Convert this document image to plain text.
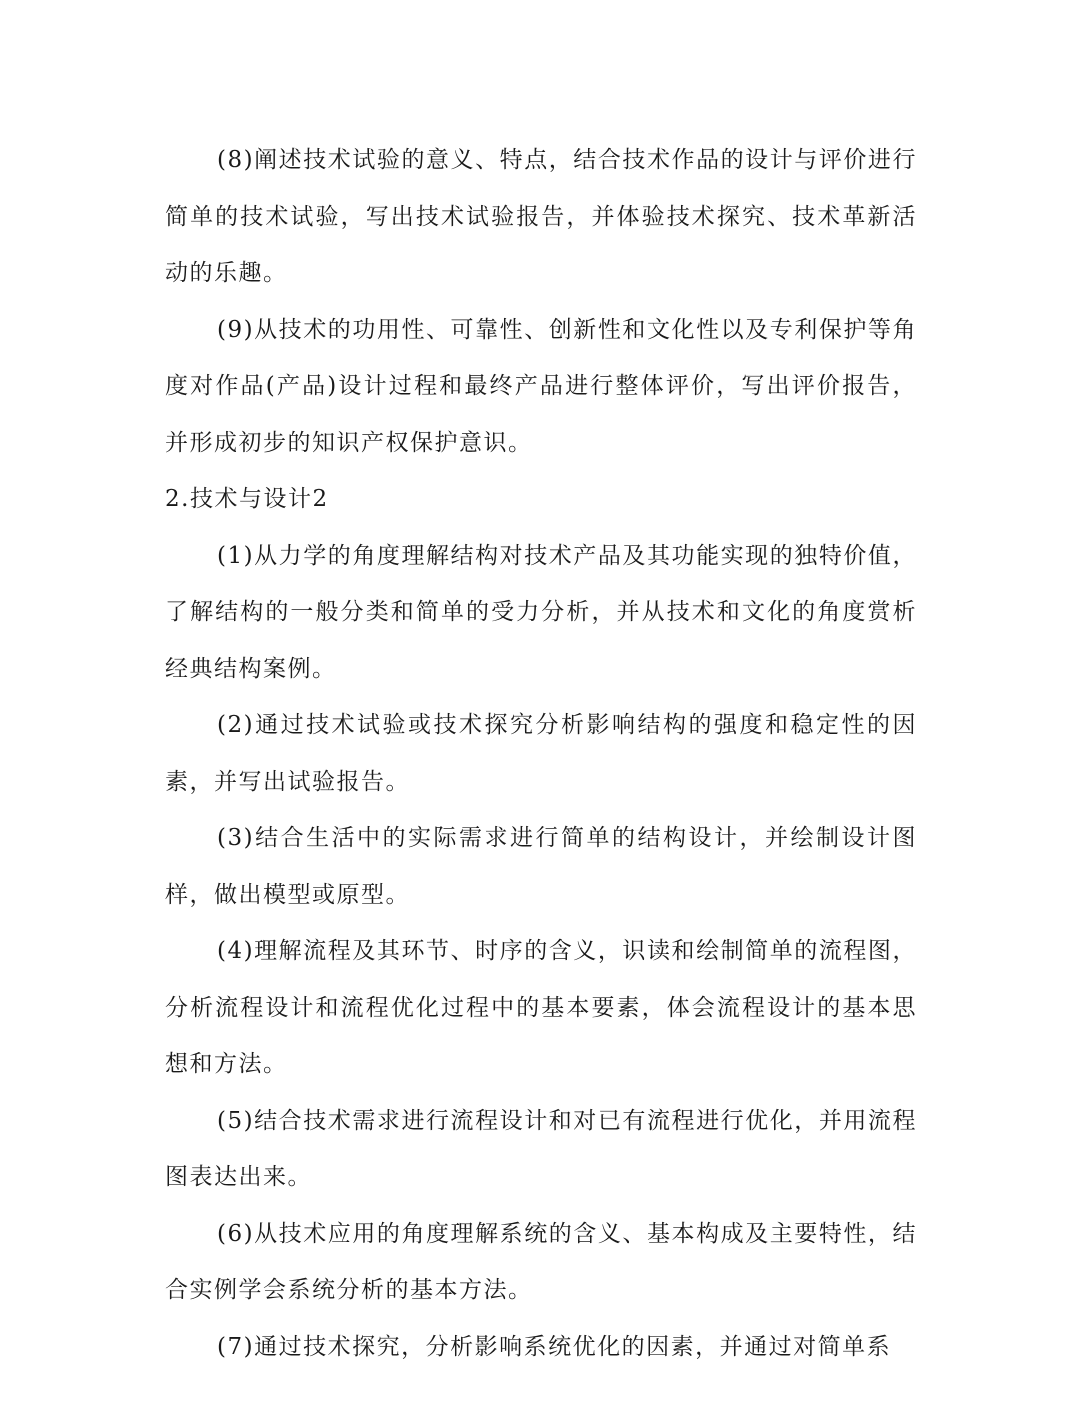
(8)阐述技术试验的意义、特点，结合技术作品的设计与评价进行简单的技术试验，写出技术试验报告，并体验技术探究、技术革新活动的乐趣。

(9)从技术的功用性、可靠性、创新性和文化性以及专利保护等角度对作品(产品)设计过程和最终产品进行整体评价，写出评价报告，并形成初步的知识产权保护意识。

2.技术与设计2

(1)从力学的角度理解结构对技术产品及其功能实现的独特价值，了解结构的一般分类和简单的受力分析，并从技术和文化的角度赏析经典结构案例。

(2)通过技术试验或技术探究分析影响结构的强度和稳定性的因素，并写出试验报告。

(3)结合生活中的实际需求进行简单的结构设计，并绘制设计图样，做出模型或原型。

(4)理解流程及其环节、时序的含义，识读和绘制简单的流程图，分析流程设计和流程优化过程中的基本要素，体会流程设计的基本思想和方法。

(5)结合技术需求进行流程设计和对已有流程进行优化，并用流程图表达出来。

(6)从技术应用的角度理解系统的含义、基本构成及主要特性，结合实例学会系统分析的基本方法。

(7)通过技术探究，分析影响系统优化的因素，并通过对简单系
